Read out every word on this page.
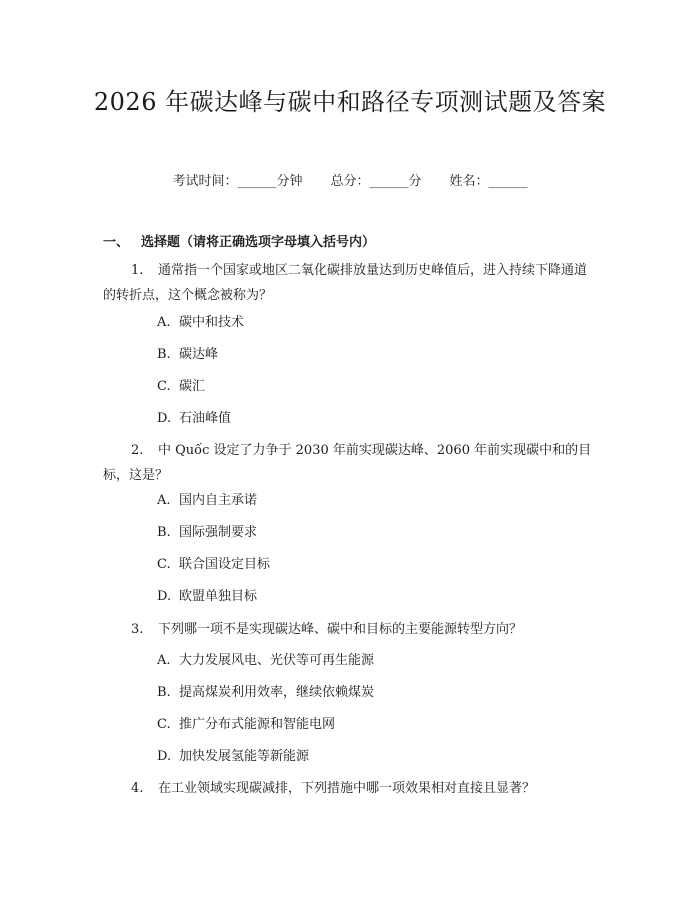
2026 年碳达峰与碳中和路径专项测试题及答案
考试时间：______分钟 总分：______分 姓名：______
一、 选择题（请将正确选项字母填入括号内）
1. 通常指一个国家或地区二氧化碳排放量达到历史峰值后，进入持续下降通道的转折点，这个概念被称为？
A. 碳中和技术
B. 碳达峰
C. 碳汇
D. 石油峰值
2. 中 Quốc 设定了力争于 2030 年前实现碳达峰、2060 年前实现碳中和的目标，这是？
A. 国内自主承诺
B. 国际强制要求
C. 联合国设定目标
D. 欧盟单独目标
3. 下列哪一项不是实现碳达峰、碳中和目标的主要能源转型方向？
A. 大力发展风电、光伏等可再生能源
B. 提高煤炭利用效率，继续依赖煤炭
C. 推广分布式能源和智能电网
D. 加快发展氢能等新能源
4. 在工业领域实现碳减排，下列措施中哪一项效果相对直接且显著？
